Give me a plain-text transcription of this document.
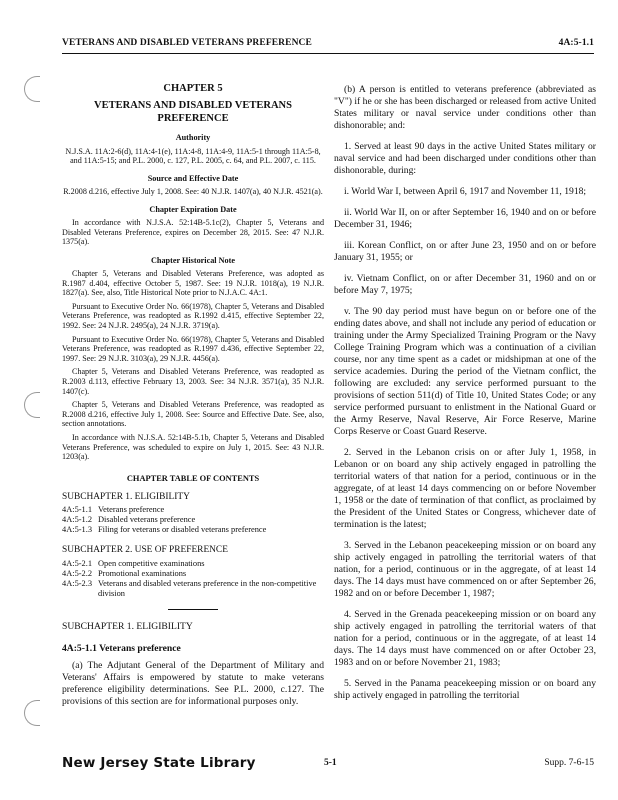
VETERANS AND DISABLED VETERANS PREFERENCE	4A:5-1.1
CHAPTER 5
VETERANS AND DISABLED VETERANS PREFERENCE
Authority
N.J.S.A. 11A:2-6(d), 11A:4-1(e), 11A:4-8, 11A:4-9, 11A:5-1 through 11A:5-8, and 11A:5-15; and P.L. 2000, c. 127, P.L. 2005, c. 64, and P.L. 2007, c. 115.
Source and Effective Date
R.2008 d.216, effective July 1, 2008. See: 40 N.J.R. 1407(a), 40 N.J.R. 4521(a).
Chapter Expiration Date
In accordance with N.J.S.A. 52:14B-5.1c(2), Chapter 5, Veterans and Disabled Veterans Preference, expires on December 28, 2015. See: 47 N.J.R. 1375(a).
Chapter Historical Note
Chapter 5, Veterans and Disabled Veterans Preference, was adopted as R.1987 d.404, effective October 5, 1987. See: 19 N.J.R. 1018(a), 19 N.J.R. 1827(a). See, also, Title Historical Note prior to N.J.A.C. 4A:1.
Pursuant to Executive Order No. 66(1978), Chapter 5, Veterans and Disabled Veterans Preference, was readopted as R.1992 d.415, effective September 22, 1992. See: 24 N.J.R. 2495(a), 24 N.J.R. 3719(a).
Pursuant to Executive Order No. 66(1978), Chapter 5, Veterans and Disabled Veterans Preference, was readopted as R.1997 d.436, effective September 22, 1997. See: 29 N.J.R. 3103(a), 29 N.J.R. 4456(a).
Chapter 5, Veterans and Disabled Veterans Preference, was readopted as R.2003 d.113, effective February 13, 2003. See: 34 N.J.R. 3571(a), 35 N.J.R. 1407(c).
Chapter 5, Veterans and Disabled Veterans Preference, was readopted as R.2008 d.216, effective July 1, 2008. See: Source and Effective Date. See, also, section annotations.
In accordance with N.J.S.A. 52:14B-5.1b, Chapter 5, Veterans and Disabled Veterans Preference, was scheduled to expire on July 1, 2015. See: 43 N.J.R. 1203(a).
CHAPTER TABLE OF CONTENTS
SUBCHAPTER 1. ELIGIBILITY
4A:5-1.1 Veterans preference
4A:5-1.2 Disabled veterans preference
4A:5-1.3 Filing for veterans or disabled veterans preference
SUBCHAPTER 2. USE OF PREFERENCE
4A:5-2.1 Open competitive examinations
4A:5-2.2 Promotional examinations
4A:5-2.3 Veterans and disabled veterans preference in the non-competitive division
SUBCHAPTER 1. ELIGIBILITY
4A:5-1.1 Veterans preference
(a) The Adjutant General of the Department of Military and Veterans' Affairs is empowered by statute to make veterans preference eligibility determinations. See P.L. 2000, c.127. The provisions of this section are for informational purposes only.
(b) A person is entitled to veterans preference (abbreviated as "V") if he or she has been discharged or released from active United States military or naval service under conditions other than dishonorable; and:
1. Served at least 90 days in the active United States military or naval service and had been discharged under conditions other than dishonorable, during:
i. World War I, between April 6, 1917 and November 11, 1918;
ii. World War II, on or after September 16, 1940 and on or before December 31, 1946;
iii. Korean Conflict, on or after June 23, 1950 and on or before January 31, 1955; or
iv. Vietnam Conflict, on or after December 31, 1960 and on or before May 7, 1975;
v. The 90 day period must have begun on or before one of the ending dates above, and shall not include any period of education or training under the Army Specialized Training Program or the Navy College Training Program which was a continuation of a civilian course, nor any time spent as a cadet or midshipman at one of the service academies. During the period of the Vietnam conflict, the following are excluded: any service performed pursuant to the provisions of section 511(d) of Title 10, United States Code; or any service performed pursuant to enlistment in the National Guard or the Army Reserve, Naval Reserve, Air Force Reserve, Marine Corps Reserve or Coast Guard Reserve.
2. Served in the Lebanon crisis on or after July 1, 1958, in Lebanon or on board any ship actively engaged in patrolling the territorial waters of that nation for a period, continuous or in the aggregate, of at least 14 days commencing on or before November 1, 1958 or the date of termination of that conflict, as proclaimed by the President of the United States or Congress, whichever date of termination is the latest;
3. Served in the Lebanon peacekeeping mission or on board any ship actively engaged in patrolling the territorial waters of that nation, for a period, continuous or in the aggregate, of at least 14 days. The 14 days must have commenced on or after September 26, 1982 and on or before December 1, 1987;
4. Served in the Grenada peacekeeping mission or on board any ship actively engaged in patrolling the territorial waters of that nation for a period, continuous or in the aggregate, of at least 14 days. The 14 days must have commenced on or after October 23, 1983 and on or before November 21, 1983;
5. Served in the Panama peacekeeping mission or on board any ship actively engaged in patrolling the territorial
New Jersey State Library	5-1	Supp. 7-6-15
